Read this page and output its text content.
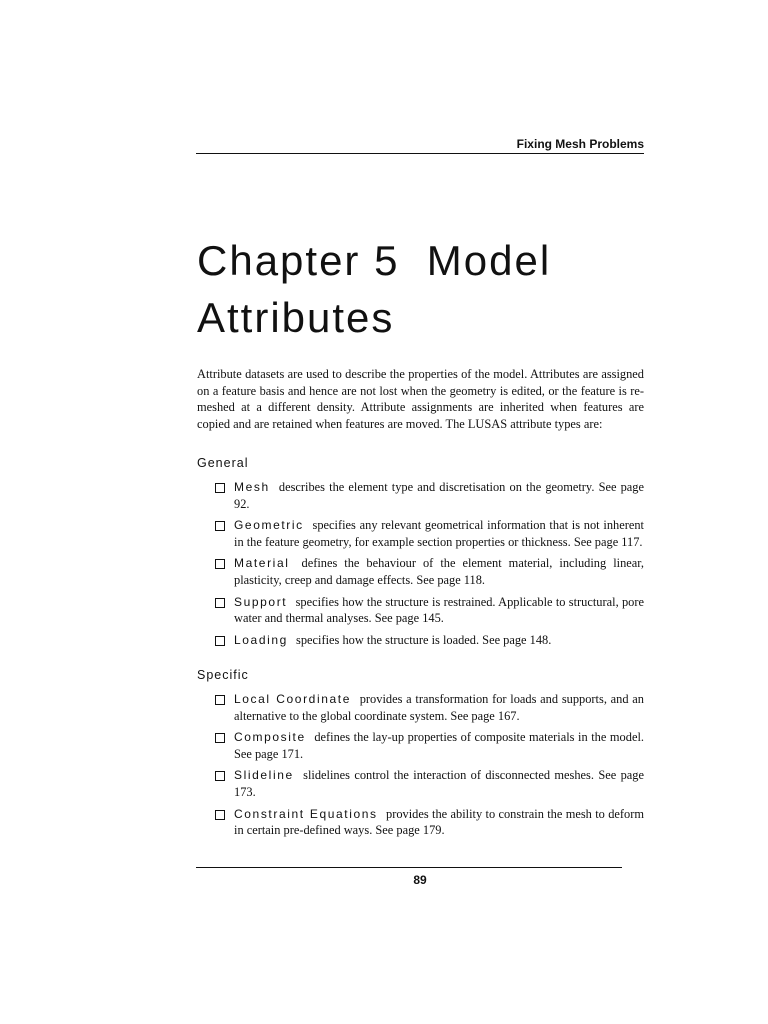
Fixing Mesh Problems
Chapter 5  Model
Attributes

Attribute datasets are used to describe the properties of the model. Attributes are assigned on a feature basis and hence are not lost when the geometry is edited, or the feature is re-meshed at a different density. Attribute assignments are inherited when features are copied and are retained when features are moved. The LUSAS attribute types are:

General
Mesh describes the element type and discretisation on the geometry. See page 92.
Geometric specifies any relevant geometrical information that is not inherent in the feature geometry, for example section properties or thickness. See page 117.
Material defines the behaviour of the element material, including linear, plasticity, creep and damage effects. See page 118.
Support specifies how the structure is restrained. Applicable to structural, pore water and thermal analyses. See page 145.
Loading specifies how the structure is loaded. See page 148.
Specific
Local Coordinate provides a transformation for loads and supports, and an alternative to the global coordinate system. See page 167.
Composite defines the lay-up properties of composite materials in the model. See page 171.
Slideline slidelines control the interaction of disconnected meshes. See page 173.
Constraint Equations provides the ability to constrain the mesh to deform in certain pre-defined ways. See page 179.
89
